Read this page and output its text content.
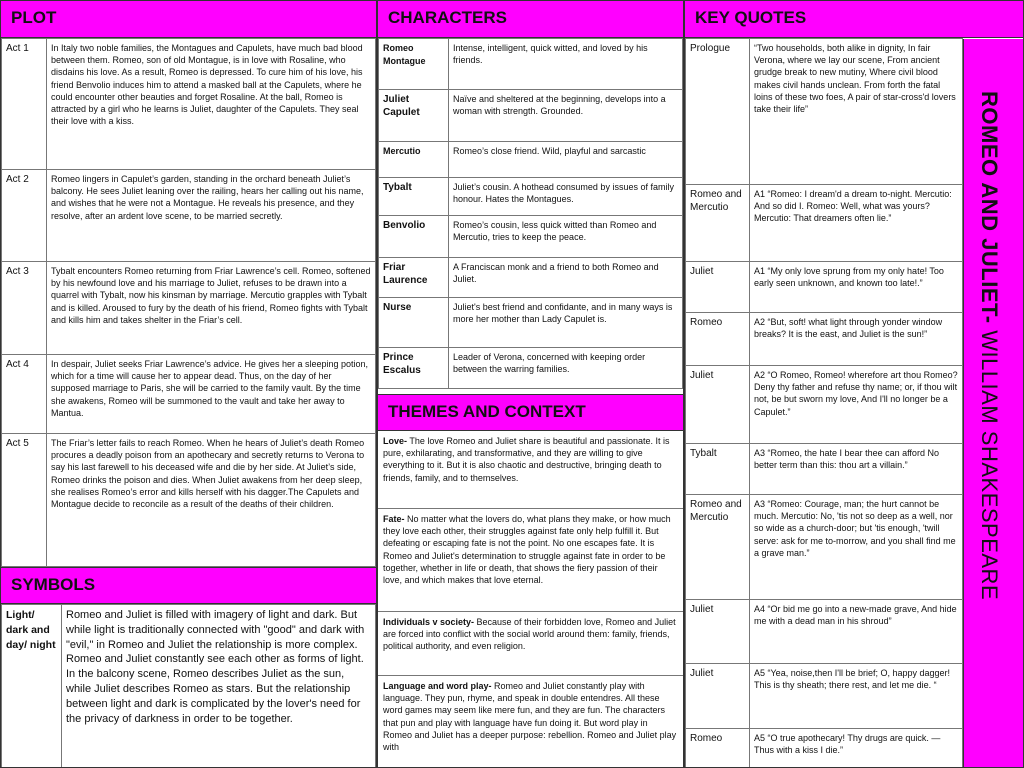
PLOT
Act 1	In Italy two noble families, the Montagues and Capulets, have much bad blood between them. Romeo, son of old Montague, is in love with Rosaline, who disdains his love. As a result, Romeo is depressed. To cure him of his love, his friend Benvolio induces him to attend a masked ball at the Capulets, where he could encounter other beauties and forget Rosaline. At the ball, Romeo is attracted by a girl who he learns is Juliet, daughter of the Capulets. They seal their love with a kiss.
Act 2	Romeo lingers in Capulet’s garden, standing in the orchard beneath Juliet’s balcony. He sees Juliet leaning over the railing, hears her calling out his name, and wishes that he were not a Montague. He reveals his presence, and they resolve, after an ardent love scene, to be married secretly.
Act 3	Tybalt encounters Romeo returning from Friar Lawrence’s cell. Romeo, softened by his newfound love and his marriage to Juliet, refuses to be drawn into a quarrel with Tybalt, now his kinsman by marriage. Mercutio grapples with Tybalt and is killed. Aroused to fury by the death of his friend, Romeo fights with Tybalt and kills him and takes shelter in the Friar’s cell.
Act 4	In despair, Juliet seeks Friar Lawrence’s advice. He gives her a sleeping potion, which for a time will cause her to appear dead. Thus, on the day of her supposed marriage to Paris, she will be carried to the family vault. By the time she awakens, Romeo will be summoned to the vault and take her away to Mantua.
Act 5	The Friar’s letter fails to reach Romeo. When he hears of Juliet’s death Romeo procures a deadly poison from an apothecary and secretly returns to Verona to say his last farewell to his deceased wife and die by her side. At Juliet’s side, Romeo drinks the poison and dies. When Juliet awakens from her deep sleep, she realises Romeo’s error and kills herself with his dagger.The Capulets and Montague decide to reconcile as a result of the deaths of their children.
SYMBOLS
Light/ dark and day/ night	Romeo and Juliet is filled with imagery of light and dark. But while light is traditionally connected with "good" and dark with "evil," in Romeo and Juliet the relationship is more complex. Romeo and Juliet constantly see each other as forms of light. In the balcony scene, Romeo describes Juliet as the sun, while Juliet describes Romeo as stars. But the relationship between light and dark is complicated by the lover's need for the privacy of darkness in order to be together.
CHARACTERS
Romeo Montague	Intense, intelligent, quick witted, and loved by his friends.
Juliet Capulet	Naïve and sheltered at the beginning, develops into a woman with strength. Grounded.
Mercutio	Romeo’s close friend. Wild, playful and sarcastic
Tybalt	Juliet’s cousin. A hothead consumed by issues of family honour. Hates the Montagues.
Benvolio	Romeo’s cousin, less quick witted than Romeo and Mercutio, tries to keep the peace.
Friar Laurence	A Franciscan monk and a friend to both Romeo and Juliet.
Nurse	Juliet's best friend and confidante, and in many ways is more her mother than Lady Capulet is.
Prince Escalus	Leader of Verona, concerned with keeping order between the warring families.
THEMES AND CONTEXT
Love- The love Romeo and Juliet share is beautiful and passionate. It is pure, exhilarating, and transformative, and they are willing to give everything to it. But it is also chaotic and destructive, bringing death to friends, family, and to themselves.
Fate- No matter what the lovers do, what plans they make, or how much they love each other, their struggles against fate only help fulfill it. But defeating or escaping fate is not the point. No one escapes fate. It is Romeo and Juliet's determination to struggle against fate in order to be together, whether in life or death, that shows the fiery passion of their love, and which makes that love eternal.
Individuals v society- Because of their forbidden love, Romeo and Juliet are forced into conflict with the social world around them: family, friends, political authority, and even religion.
Language and word play- Romeo and Juliet constantly play with language. They pun, rhyme, and speak in double entendres. All these word games may seem like mere fun, and they are fun. The characters that pun and play with language have fun doing it. But word play in Romeo and Juliet has a deeper purpose: rebellion. Romeo and Juliet play with
KEY QUOTES
Prologue	“Two households, both alike in dignity, In fair Verona, where we lay our scene, From ancient grudge break to new mutiny, Where civil blood makes civil hands unclean. From forth the fatal loins of these two foes, A pair of star-cross'd lovers take their life”
Romeo and Mercutio	A1 “Romeo: I dream'd a dream to-night. Mercutio: And so did I. Romeo: Well, what was yours? Mercutio: That dreamers often lie.”
Juliet	A1 “My only love sprung from my only hate! Too early seen unknown, and known too late!.”
Romeo	A2 “But, soft! what light through yonder window breaks? It is the east, and Juliet is the sun!”
Juliet	A2 “O Romeo, Romeo! wherefore art thou Romeo? Deny thy father and refuse thy name; or, if thou wilt not, be but sworn my love, And I'll no longer be a Capulet.”
Tybalt	A3 “Romeo, the hate I bear thee can afford No better term than this: thou art a villain.”
Romeo and Mercutio	A3 “Romeo: Courage, man; the hurt cannot be much. Mercutio: No, 'tis not so deep as a well, nor so wide as a church-door; but 'tis enough, 'twill serve: ask for me to-morrow, and you shall find me a grave man.”
Juliet	A4 “Or bid me go into a new-made grave, And hide me with a dead man in his shroud”
Juliet	A5 “Yea, noise,then I'll be brief; O, happy dagger! This is thy sheath; there rest, and let me die. “
Romeo	A5 “O true apothecary! Thy drugs are quick. — Thus with a kiss I die.”
ROMEO AND JULIET- WILLIAM SHAKESPEARE
